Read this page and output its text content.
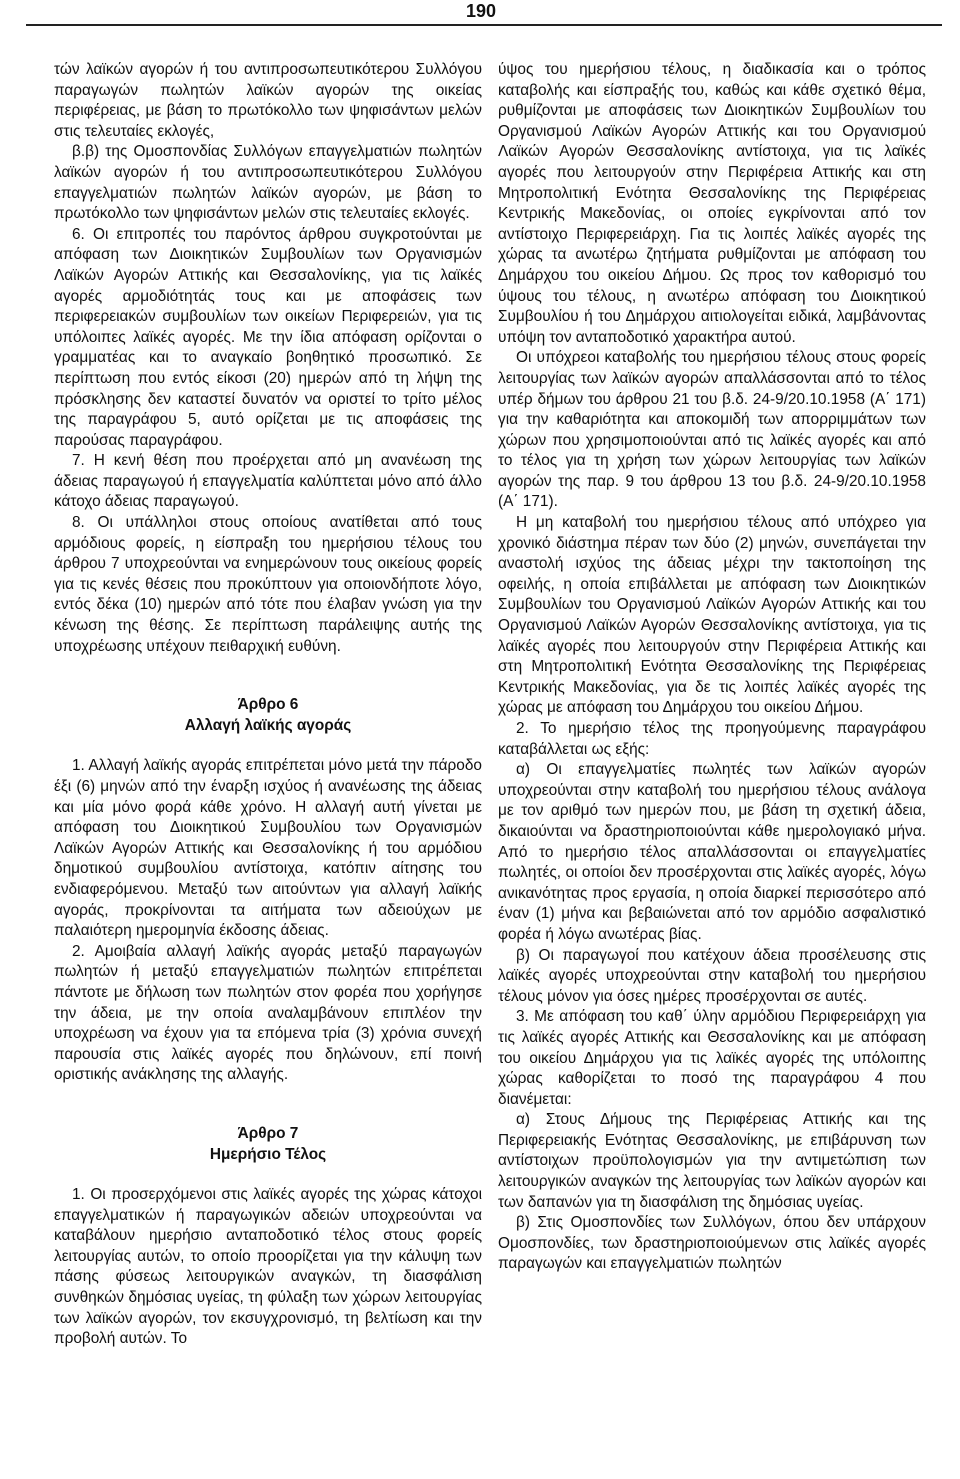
190

τών λαϊκών αγορών ή του αντιπροσωπευτικότερου Συλλόγου παραγωγών πωλητών λαϊκών αγορών της οικείας περιφέρειας, με βάση το πρωτόκολλο των ψηφισάντων μελών στις τελευταίες εκλογές,

β.β) της Ομοσπονδίας Συλλόγων επαγγελματιών πωλητών λαϊκών αγορών ή του αντιπροσωπευτικότερου Συλλόγου επαγγελματιών πωλητών λαϊκών αγορών, με βάση το πρωτόκολλο των ψηφισάντων μελών στις τελευταίες εκλογές.

6. Οι επιτροπές του παρόντος άρθρου συγκροτούνται με απόφαση των Διοικητικών Συμβουλίων των Οργανισμών Λαϊκών Αγορών Αττικής και Θεσσαλονίκης, για τις λαϊκές αγορές αρμοδιότητάς τους και με αποφάσεις των περιφερειακών συμβουλίων των οικείων Περιφερειών, για τις υπόλοιπες λαϊκές αγορές. Με την ίδια απόφαση ορίζονται ο γραμματέας και το αναγκαίο βοηθητικό προσωπικό. Σε περίπτωση που εντός είκοσι (20) ημερών από τη λήψη της πρόσκλησης δεν καταστεί δυνατόν να οριστεί το τρίτο μέλος της παραγράφου 5, αυτό ορίζεται με τις αποφάσεις της παρούσας παραγράφου.

7. Η κενή θέση που προέρχεται από μη ανανέωση της άδειας παραγωγού ή επαγγελματία καλύπτεται μόνο από άλλο κάτοχο άδειας παραγωγού.

8. Οι υπάλληλοι στους οποίους ανατίθεται από τους αρμόδιους φορείς, η είσπραξη του ημερήσιου τέλους του άρθρου 7 υποχρεούνται να ενημερώνουν τους οικείους φορείς για τις κενές θέσεις που προκύπτουν για οποιονδήποτε λόγο, εντός δέκα (10) ημερών από τότε που έλαβαν γνώση για την κένωση της θέσης. Σε περίπτωση παράλειψης αυτής της υποχρέωσης υπέχουν πειθαρχική ευθύνη.

Άρθρο 6

Αλλαγή λαϊκής αγοράς

1. Αλλαγή λαϊκής αγοράς επιτρέπεται μόνο μετά την πάροδο έξι (6) μηνών από την έναρξη ισχύος ή ανανέωσης της άδειας και μία μόνο φορά κάθε χρόνο. Η αλλαγή αυτή γίνεται με απόφαση του Διοικητικού Συμβουλίου των Οργανισμών Λαϊκών Αγορών Αττικής και Θεσσαλονίκης ή του αρμόδιου δημοτικού συμβουλίου αντίστοιχα, κατόπιν αίτησης του ενδιαφερόμενου. Μεταξύ των αιτούντων για αλλαγή λαϊκής αγοράς, προκρίνονται τα αιτήματα των αδειούχων με παλαιότερη ημερομηνία έκδοσης άδειας.

2. Αμοιβαία αλλαγή λαϊκής αγοράς μεταξύ παραγωγών πωλητών ή μεταξύ επαγγελματιών πωλητών επιτρέπεται πάντοτε με δήλωση των πωλητών στον φορέα που χορήγησε την άδεια, με την οποία αναλαμβάνουν επιπλέον την υποχρέωση να έχουν για τα επόμενα τρία (3) χρόνια συνεχή παρουσία στις λαϊκές αγορές που δηλώνουν, επί ποινή οριστικής ανάκλησης της αλλαγής.

Άρθρο 7

Ημερήσιο Τέλος

1. Οι προσερχόμενοι στις λαϊκές αγορές της χώρας κάτοχοι επαγγελματικών ή παραγωγικών αδειών υποχρεούνται να καταβάλουν ημερήσιο ανταποδοτικό τέλος στους φορείς λειτουργίας αυτών, το οποίο προορίζεται για την κάλυψη των πάσης φύσεως λειτουργικών αναγκών, τη διασφάλιση συνθηκών δημόσιας υγείας, τη φύλαξη των χώρων λειτουργίας των λαϊκών αγορών, τον εκσυγχρονισμό, τη βελτίωση και την προβολή αυτών. Το

ύψος του ημερήσιου τέλους, η διαδικασία και ο τρόπος καταβολής και είσπραξής του, καθώς και κάθε σχετικό θέμα, ρυθμίζονται με αποφάσεις των Διοικητικών Συμβουλίων του Οργανισμού Λαϊκών Αγορών Αττικής και του Οργανισμού Λαϊκών Αγορών Θεσσαλονίκης αντίστοιχα, για τις λαϊκές αγορές που λειτουργούν στην Περιφέρεια Αττικής και στη Μητροπολιτική Ενότητα Θεσσαλονίκης της Περιφέρειας Κεντρικής Μακεδονίας, οι οποίες εγκρίνονται από τον αντίστοιχο Περιφερειάρχη. Για τις λοιπές λαϊκές αγορές της χώρας τα ανωτέρω ζητήματα ρυθμίζονται με απόφαση του Δημάρχου του οικείου Δήμου. Ως προς τον καθορισμό του ύψους του τέλους, η ανωτέρω απόφαση του Διοικητικού Συμβουλίου ή του Δημάρχου αιτιολογείται ειδικά, λαμβάνοντας υπόψη τον ανταποδοτικό χαρακτήρα αυτού.

Οι υπόχρεοι καταβολής του ημερήσιου τέλους στους φορείς λειτουργίας των λαϊκών αγορών απαλλάσσονται από το τέλος υπέρ δήμων του άρθρου 21 του β.δ. 24-9/20.10.1958 (Α΄ 171) για την καθαριότητα και αποκομιδή των απορριμμάτων των χώρων που χρησιμοποιούνται από τις λαϊκές αγορές και από το τέλος για τη χρήση των χώρων λειτουργίας των λαϊκών αγορών της παρ. 9 του άρθρου 13 του β.δ. 24-9/20.10.1958 (Α΄ 171).

Η μη καταβολή του ημερήσιου τέλους από υπόχρεο για χρονικό διάστημα πέραν των δύο (2) μηνών, συνεπάγεται την αναστολή ισχύος της άδειας μέχρι την τακτοποίηση της οφειλής, η οποία επιβάλλεται με απόφαση των Διοικητικών Συμβουλίων του Οργανισμού Λαϊκών Αγορών Αττικής και του Οργανισμού Λαϊκών Αγορών Θεσσαλονίκης αντίστοιχα, για τις λαϊκές αγορές που λειτουργούν στην Περιφέρεια Αττικής και στη Μητροπολιτική Ενότητα Θεσσαλονίκης της Περιφέρειας Κεντρικής Μακεδονίας, για δε τις λοιπές λαϊκές αγορές της χώρας με απόφαση του Δημάρχου του οικείου Δήμου.

2. Το ημερήσιο τέλος της προηγούμενης παραγράφου καταβάλλεται ως εξής:

α) Οι επαγγελματίες πωλητές των λαϊκών αγορών υποχρεούνται στην καταβολή του ημερήσιου τέλους ανάλογα με τον αριθμό των ημερών που, με βάση τη σχετική άδεια, δικαιούνται να δραστηριοποιούνται κάθε ημερολογιακό μήνα. Από το ημερήσιο τέλος απαλλάσσονται οι επαγγελματίες πωλητές, οι οποίοι δεν προσέρχονται στις λαϊκές αγορές, λόγω ανικανότητας προς εργασία, η οποία διαρκεί περισσότερο από έναν (1) μήνα και βεβαιώνεται από τον αρμόδιο ασφαλιστικό φορέα ή λόγω ανωτέρας βίας.

β) Οι παραγωγοί που κατέχουν άδεια προσέλευσης στις λαϊκές αγορές υποχρεούνται στην καταβολή του ημερήσιου τέλους μόνον για όσες ημέρες προσέρχονται σε αυτές.

3. Με απόφαση του καθ΄ ύλην αρμόδιου Περιφερειάρχη για τις λαϊκές αγορές Αττικής και Θεσσαλονίκης και με απόφαση του οικείου Δημάρχου για τις λαϊκές αγορές της υπόλοιπης χώρας καθορίζεται το ποσό της παραγράφου 4 που διανέμεται:

α) Στους Δήμους της Περιφέρειας Αττικής και της Περιφερειακής Ενότητας Θεσσαλονίκης, με επιβάρυνση των αντίστοιχων προϋπολογισμών για την αντιμετώπιση των λειτουργικών αναγκών της λειτουργίας των λαϊκών αγορών και των δαπανών για τη διασφάλιση της δημόσιας υγείας.

β) Στις Ομοσπονδίες των Συλλόγων, όπου δεν υπάρχουν Ομοσπονδίες, των δραστηριοποιούμενων στις λαϊκές αγορές παραγωγών και επαγγελματιών πωλητών
